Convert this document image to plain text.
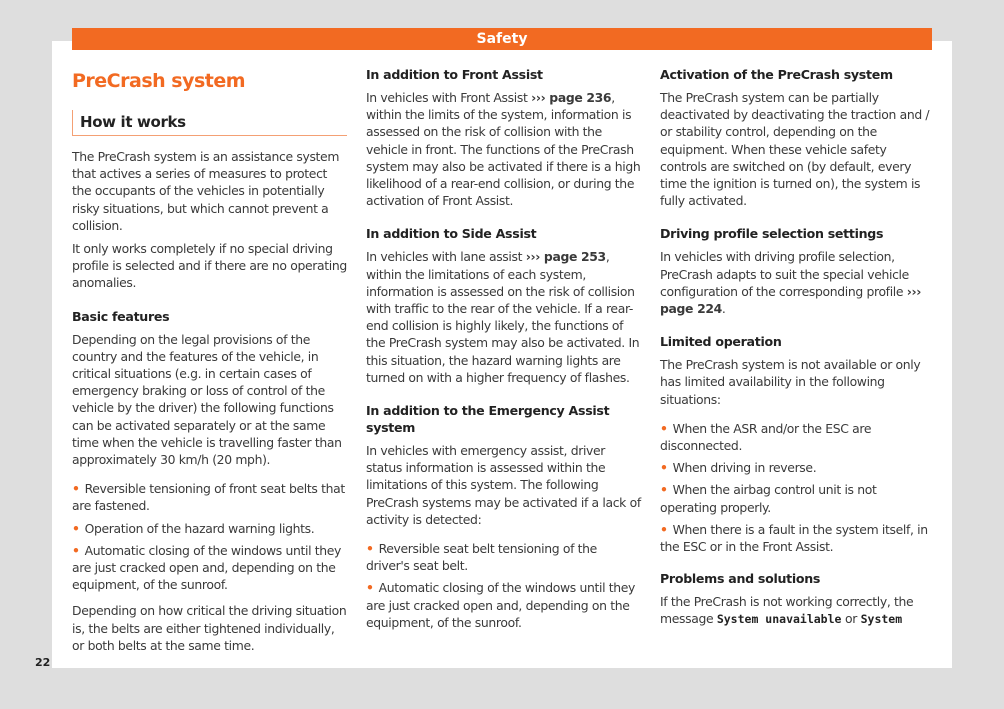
Safety
22
PreCrash system
How it works

The PreCrash system is an assistance system that actives a series of measures to protect the occupants of the vehicles in potentially risky situations, but which cannot prevent a collision.

It only works completely if no special driving profile is selected and if there are no operating anomalies.

Basic features

Depending on the legal provisions of the country and the features of the vehicle, in critical situations (e.g. in certain cases of emergency braking or loss of control of the vehicle by the driver) the following functions can be activated separately or at the same time when the vehicle is travelling faster than approximately 30 km/h (20 mph).

• Reversible tensioning of front seat belts that are fastened.
• Operation of the hazard warning lights.
• Automatic closing of the windows until they are just cracked open and, depending on the equipment, of the sunroof.

Depending on how critical the driving situation is, the belts are either tightened individually, or both belts at the same time.

In addition to Front Assist

In vehicles with Front Assist ››› page 236, within the limits of the system, information is assessed on the risk of collision with the vehicle in front. The functions of the PreCrash system may also be activated if there is a high likelihood of a rear-end collision, or during the activation of Front Assist.

In addition to Side Assist

In vehicles with lane assist ››› page 253, within the limitations of each system, information is assessed on the risk of collision with traffic to the rear of the vehicle. If a rear-end collision is highly likely, the functions of the PreCrash system may also be activated. In this situation, the hazard warning lights are turned on with a higher frequency of flashes.

In addition to the Emergency Assist system

In vehicles with emergency assist, driver status information is assessed within the limitations of this system. The following PreCrash systems may be activated if a lack of activity is detected:

• Reversible seat belt tensioning of the driver's seat belt.
• Automatic closing of the windows until they are just cracked open and, depending on the equipment, of the sunroof.
Activation of the PreCrash system

The PreCrash system can be partially deactivated by deactivating the traction and / or stability control, depending on the equipment. When these vehicle safety controls are switched on (by default, every time the ignition is turned on), the system is fully activated.

Driving profile selection settings

In vehicles with driving profile selection, PreCrash adapts to suit the special vehicle configuration of the corresponding profile ››› page 224.

Limited operation

The PreCrash system is not available or only has limited availability in the following situations:

• When the ASR and/or the ESC are disconnected.
• When driving in reverse.
• When the airbag control unit is not operating properly.
• When there is a fault in the system itself, in the ESC or in the Front Assist.
Problems and solutions

If the PreCrash is not working correctly, the message System unavailable or System
